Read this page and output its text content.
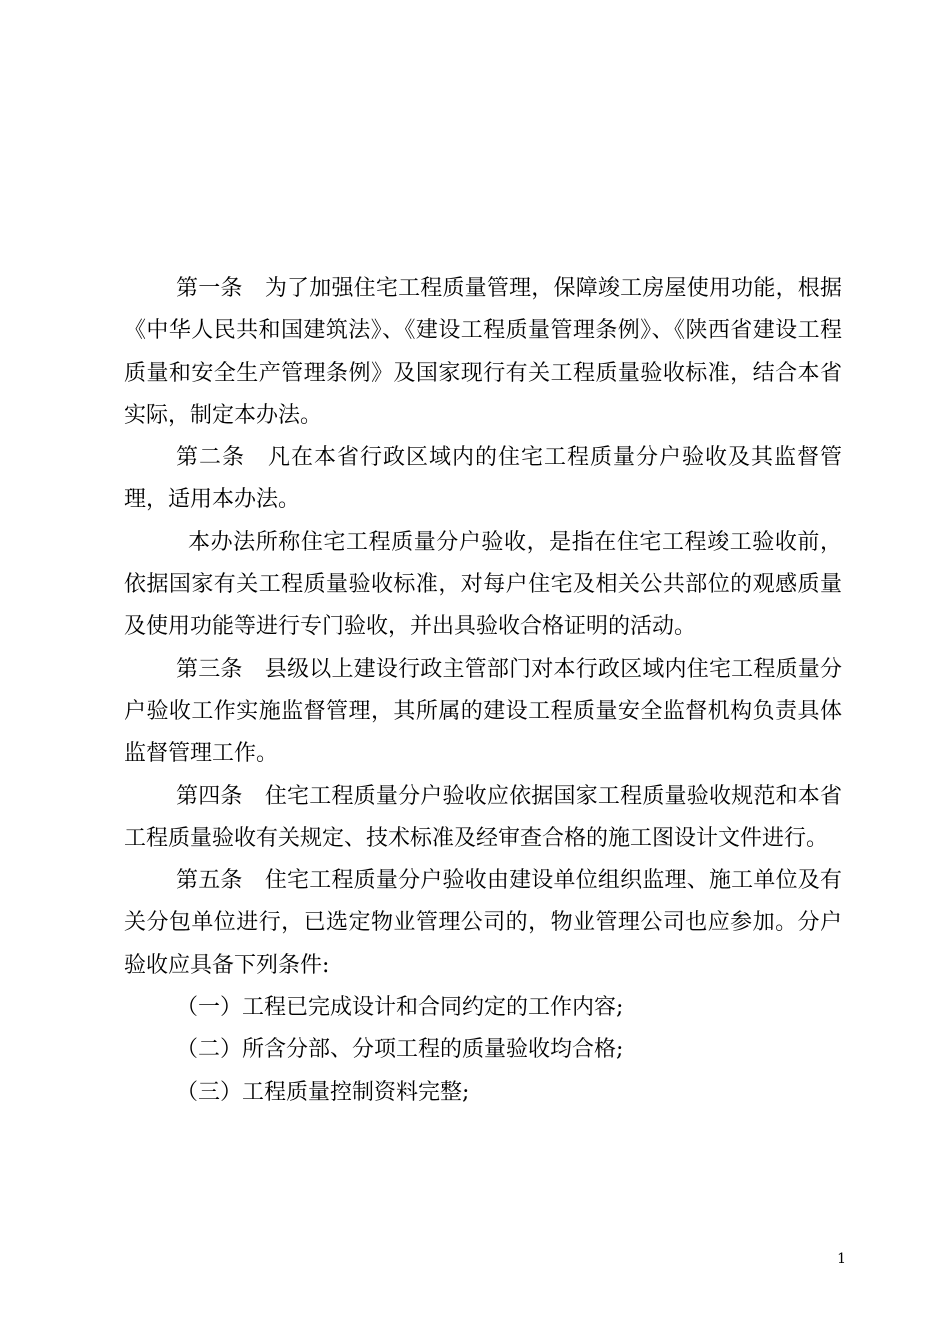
第一条　为了加强住宅工程质量管理，保障竣工房屋使用功能，根据《中华人民共和国建筑法》、《建设工程质量管理条例》、《陕西省建设工程质量和安全生产管理条例》及国家现行有关工程质量验收标准，结合本省实际，制定本办法。

第二条　凡在本省行政区域内的住宅工程质量分户验收及其监督管理，适用本办法。

本办法所称住宅工程质量分户验收，是指在住宅工程竣工验收前，依据国家有关工程质量验收标准，对每户住宅及相关公共部位的观感质量及使用功能等进行专门验收，并出具验收合格证明的活动。

第三条　县级以上建设行政主管部门对本行政区域内住宅工程质量分户验收工作实施监督管理，其所属的建设工程质量安全监督机构负责具体监督管理工作。

第四条　住宅工程质量分户验收应依据国家工程质量验收规范和本省工程质量验收有关规定、技术标准及经审查合格的施工图设计文件进行。

第五条　住宅工程质量分户验收由建设单位组织监理、施工单位及有关分包单位进行，已选定物业管理公司的，物业管理公司也应参加。分户验收应具备下列条件:

（一）工程已完成设计和合同约定的工作内容;

（二）所含分部、分项工程的质量验收均合格;

（三）工程质量控制资料完整;

1
